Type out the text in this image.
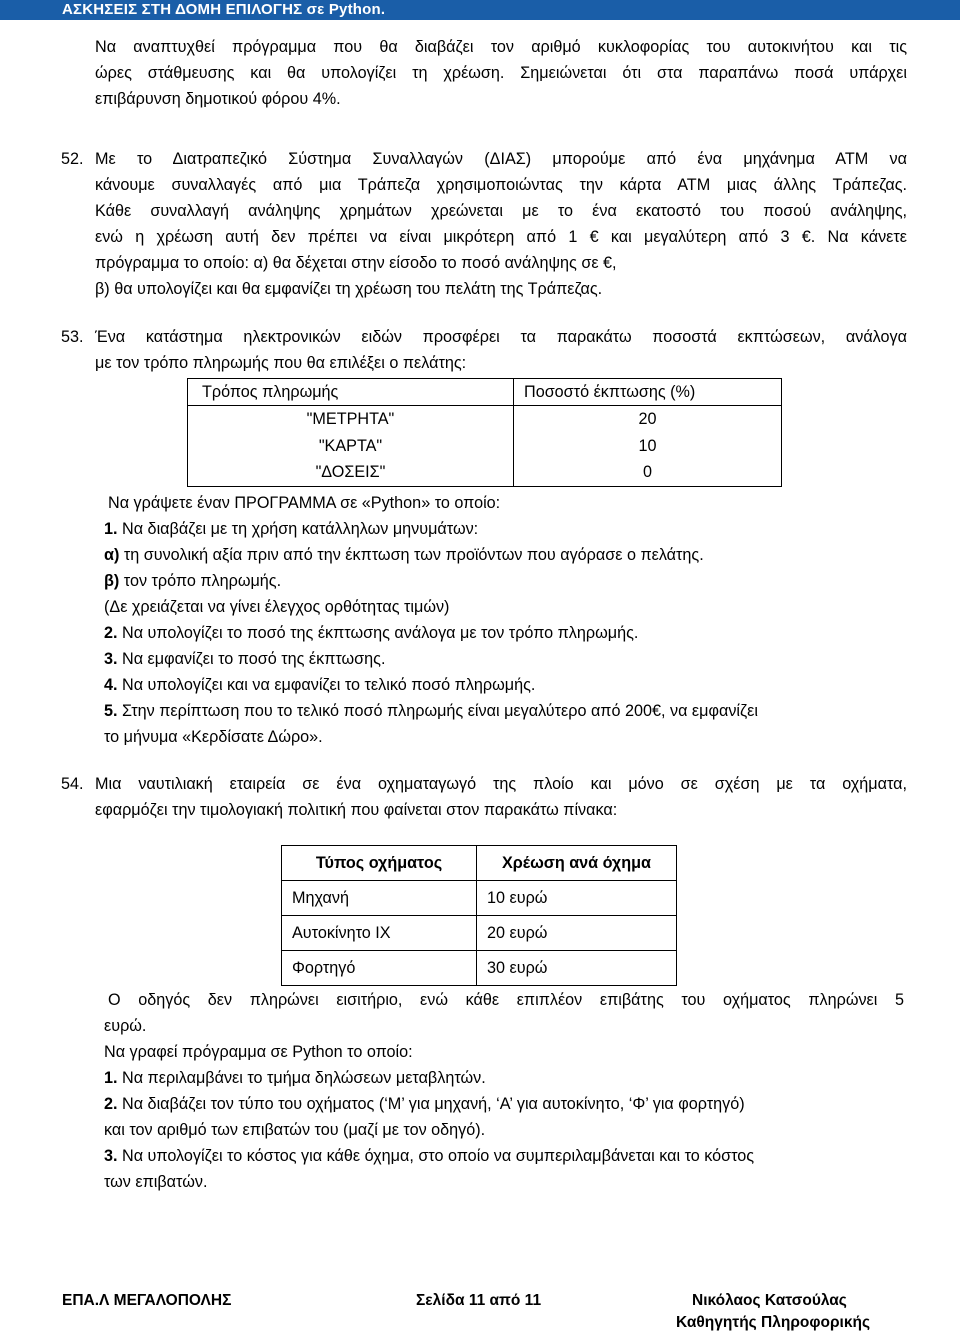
ΑΣΚΗΣΕΙΣ ΣΤΗ ΔΟΜΗ ΕΠΙΛΟΓΗΣ σε Python.
Να αναπτυχθεί πρόγραμμα που θα διαβάζει τον αριθμό κυκλοφορίας του αυτοκινήτου και τις
ώρες στάθμευσης και θα υπολογίζει τη χρέωση. Σημειώνεται ότι στα παραπάνω ποσά υπάρχει
επιβάρυνση δημοτικού φόρου 4%.
52. Με το Διατραπεζικό Σύστημα Συναλλαγών (ΔΙΑΣ) μπορούμε από ένα μηχάνημα ΑΤΜ να
κάνουμε συναλλαγές από μια Τράπεζα χρησιμοποιώντας την κάρτα ΑΤΜ μιας άλλης Τράπεζας.
Κάθε συναλλαγή ανάληψης χρημάτων χρεώνεται με το ένα εκατοστό του ποσού ανάληψης,
ενώ η χρέωση αυτή δεν πρέπει να είναι μικρότερη από 1 € και μεγαλύτερη από 3 €. Να κάνετε
πρόγραμμα το οποίο: α) θα δέχεται στην είσοδο το ποσό ανάληψης σε €,
β) θα υπολογίζει και θα εμφανίζει τη χρέωση του πελάτη της Τράπεζας.
53. Ένα κατάστημα ηλεκτρονικών ειδών προσφέρει τα παρακάτω ποσοστά εκπτώσεων, ανάλογα
με τον τρόπο πληρωμής που θα επιλέξει ο πελάτης:
Τρόπος πληρωμής	Ποσοστό έκπτωσης (%)
"ΜΕΤΡΗΤΑ"	20
"ΚΑΡΤΑ"	10
"ΔΟΣΕΙΣ"	0
Να γράψετε έναν ΠΡΟΓΡΑΜΜΑ σε «Python» το οποίο:
1. Να διαβάζει με τη χρήση κατάλληλων μηνυμάτων:
α) τη συνολική αξία πριν από την έκπτωση των προϊόντων που αγόρασε ο πελάτης.
β) τον τρόπο πληρωμής.
(Δε χρειάζεται να γίνει έλεγχος ορθότητας τιμών)
2. Να υπολογίζει το ποσό της έκπτωσης ανάλογα με τον τρόπο πληρωμής.
3. Να εμφανίζει το ποσό της έκπτωσης.
4. Να υπολογίζει και να εμφανίζει το τελικό ποσό πληρωμής.
5. Στην περίπτωση που το τελικό ποσό πληρωμής είναι μεγαλύτερο από 200€, να εμφανίζει
το μήνυμα «Κερδίσατε Δώρο».
54. Μια ναυτιλιακή εταιρεία σε ένα οχηματαγωγό της πλοίο και μόνο σε σχέση με τα οχήματα,
εφαρμόζει την τιμολογιακή πολιτική που φαίνεται στον παρακάτω πίνακα:
Τύπος οχήματος	Χρέωση ανά όχημα
Μηχανή	10 ευρώ
Αυτοκίνητο ΙΧ	20 ευρώ
Φορτηγό	30 ευρώ
Ο οδηγός δεν πληρώνει εισιτήριο, ενώ κάθε επιπλέον επιβάτης του οχήματος πληρώνει 5
ευρώ.
Να γραφεί πρόγραμμα σε Python το οποίο:
1. Να περιλαμβάνει το τμήμα δηλώσεων μεταβλητών.
2. Να διαβάζει τον τύπο του οχήματος (‘Μ’ για μηχανή, ‘Α’ για αυτοκίνητο, ‘Φ’ για φορτηγό)
και τον αριθμό των επιβατών του (μαζί με τον οδηγό).
3. Να υπολογίζει το κόστος για κάθε όχημα, στο οποίο να συμπεριλαμβάνεται και το κόστος
των επιβατών.
ΕΠΑ.Λ ΜΕΓΑΛΟΠΟΛΗΣ	Σελίδα 11 από 11	Νικόλαος Κατσούλας
Καθηγητής Πληροφορικής
